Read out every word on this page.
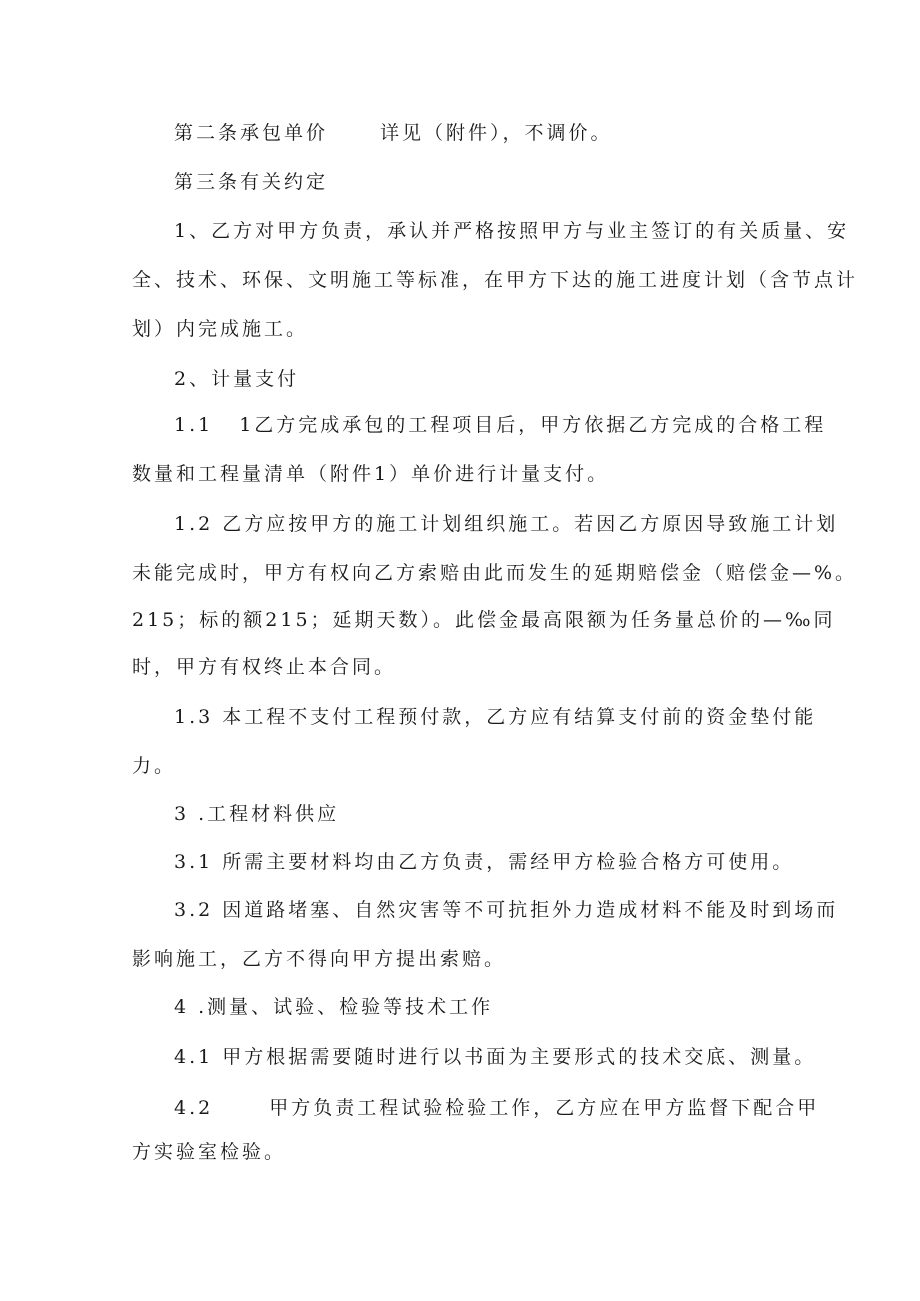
第二条承包单价	详见（附件），不调价。
第三条有关约定
1、乙方对甲方负责，承认并严格按照甲方与业主签订的有关质量、安
全、技术、环保、文明施工等标准，在甲方下达的施工进度计划（含节点计
划）内完成施工。
2、计量支付
1.1 1乙方完成承包的工程项目后，甲方依据乙方完成的合格工程
数量和工程量清单（附件1）单价进行计量支付。
1.2 乙方应按甲方的施工计划组织施工。若因乙方原因导致施工计划
未能完成时，甲方有权向乙方索赔由此而发生的延期赔偿金（赔偿金—%。
215；标的额215；延期天数）。此偿金最高限额为任务量总价的—‰同
时，甲方有权终止本合同。
1.3 本工程不支付工程预付款，乙方应有结算支付前的资金垫付能
力。
3 .工程材料供应
3.1 所需主要材料均由乙方负责，需经甲方检验合格方可使用。
3.2 因道路堵塞、自然灾害等不可抗拒外力造成材料不能及时到场而
影响施工，乙方不得向甲方提出索赔。
4 .测量、试验、检验等技术工作
4.1 甲方根据需要随时进行以书面为主要形式的技术交底、测量。
4.2	甲方负责工程试验检验工作，乙方应在甲方监督下配合甲
方实验室检验。
